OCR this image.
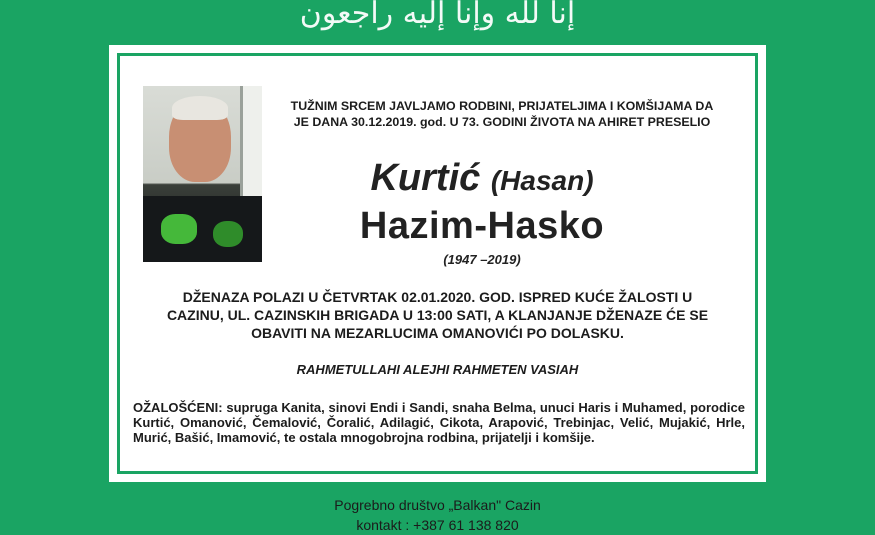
إنا لله وإنا إليه راجعون
TUŽNIM SRCEM JAVLJAMO RODBINI, PRIJATELJIMA I KOMŠIJAMA DA
JE DANA 30.12.2019. god. U 73. GODINI ŽIVOTA NA AHIRET PRESELIO
Kurtić (Hasan)
Hazim-Hasko
(1947 –2019)
DŽENAZA POLAZI U ČETVRTAK 02.01.2020. GOD. ISPRED KUĆE ŽALOSTI U
CAZINU, UL. CAZINSKIH BRIGADA U 13:00 SATI, A KLANJANJE DŽENAZE ĆE SE
OBAVITI NA MEZARLUCIMA OMANOVIĆI PO DOLASKU.
RAHMETULLAHI ALEJHI RAHMETEN VASIAH
OŽALOŠĆENI: supruga Kanita, sinovi Endi i Sandi, snaha Belma, unuci Haris i Muhamed, porodice Kurtić, Omanović, Čemalović, Čoralić, Adilagić, Cikota, Arapović, Trebinjac, Velić, Mujakić, Hrle, Murić, Bašić, Imamović, te ostala mnogobrojna rodbina, prijatelji i komšije.
Pogrebno društvo „Balkan" Cazin
kontakt : +387 61 138 820
